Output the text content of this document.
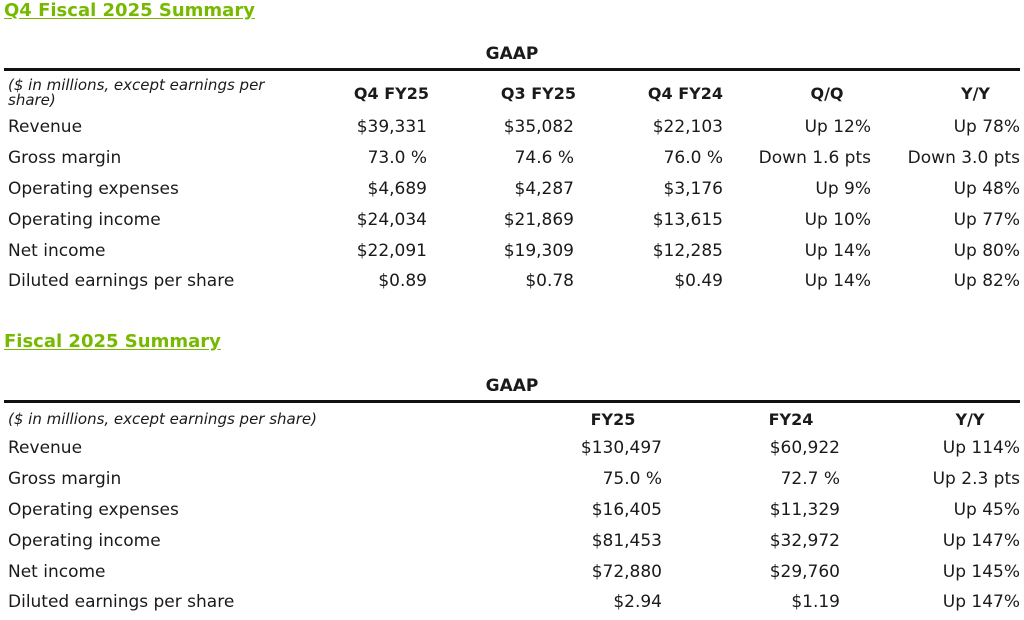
Q4 Fiscal 2025 Summary
GAAP
($ in millions, except earnings per share)	Q4 FY25	Q3 FY25	Q4 FY24	Q/Q	Y/Y
Revenue	$39,331	$35,082	$22,103	Up 12%	Up 78%
Gross margin	73.0 %	74.6 %	76.0 %	Down 1.6 pts	Down 3.0 pts
Operating expenses	$4,689	$4,287	$3,176	Up 9%	Up 48%
Operating income	$24,034	$21,869	$13,615	Up 10%	Up 77%
Net income	$22,091	$19,309	$12,285	Up 14%	Up 80%
Diluted earnings per share	$0.89	$0.78	$0.49	Up 14%	Up 82%
Fiscal 2025 Summary
GAAP
($ in millions, except earnings per share)	FY25	FY24	Y/Y
Revenue	$130,497	$60,922	Up 114%
Gross margin	75.0 %	72.7 %	Up 2.3 pts
Operating expenses	$16,405	$11,329	Up 45%
Operating income	$81,453	$32,972	Up 147%
Net income	$72,880	$29,760	Up 145%
Diluted earnings per share	$2.94	$1.19	Up 147%
